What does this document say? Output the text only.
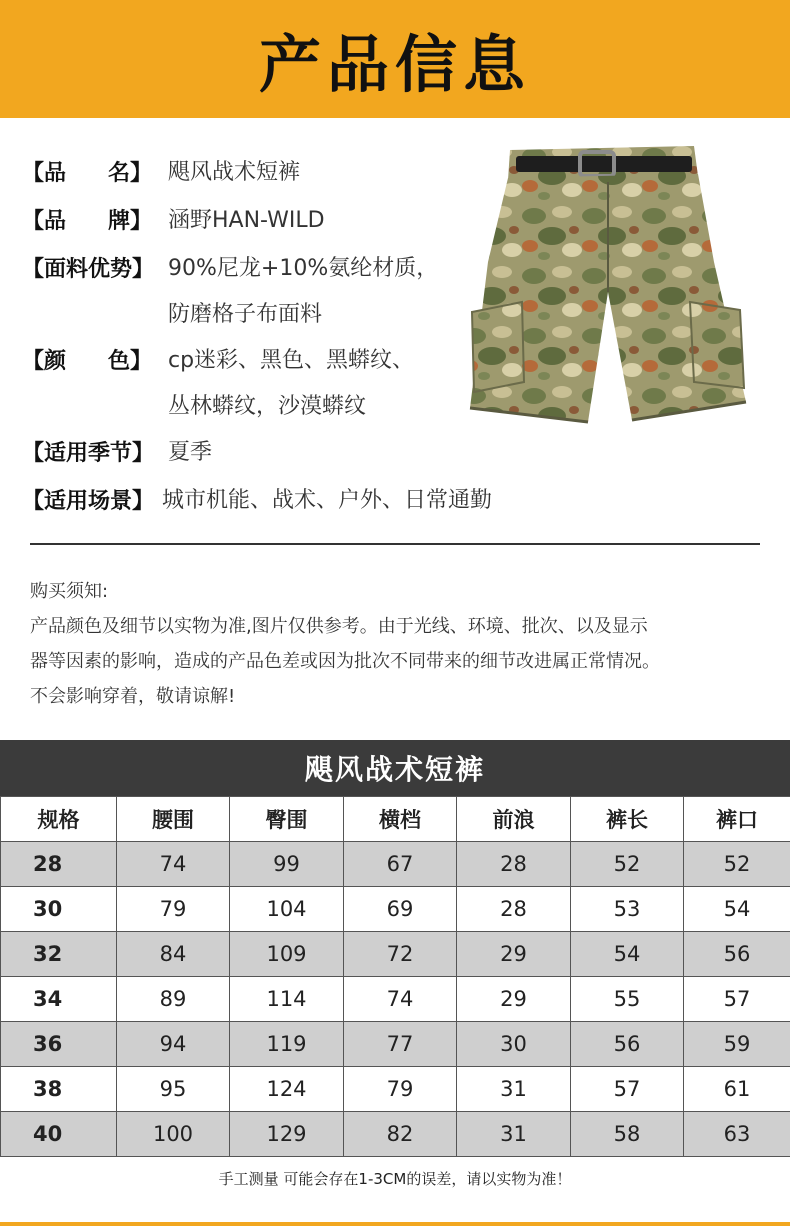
产品信息
【品 名】 飓风战术短裤
【品 牌】 涵野HAN-WILD
【面料优势】 90%尼龙+10%氨纶材质，
防磨格子布面料
【颜 色】 cp迷彩、黑色、黑蟒纹、
丛林蟒纹，沙漠蟒纹
【适用季节】 夏季
【适用场景】 城市机能、战术、户外、日常通勤
购买须知:
产品颜色及细节以实物为准,图片仅供参考。由于光线、环境、批次、以及显示
器等因素的影响，造成的产品色差或因为批次不同带来的细节改进属正常情况。
不会影响穿着，敬请谅解!
飓风战术短裤
规格	腰围	臀围	横档	前浪	裤长	裤口
28	74	99	67	28	52	52
30	79	104	69	28	53	54
32	84	109	72	29	54	56
34	89	114	74	29	55	57
36	94	119	77	30	56	59
38	95	124	79	31	57	61
40	100	129	82	31	58	63
手工测量 可能会存在1-3CM的误差，请以实物为准！
